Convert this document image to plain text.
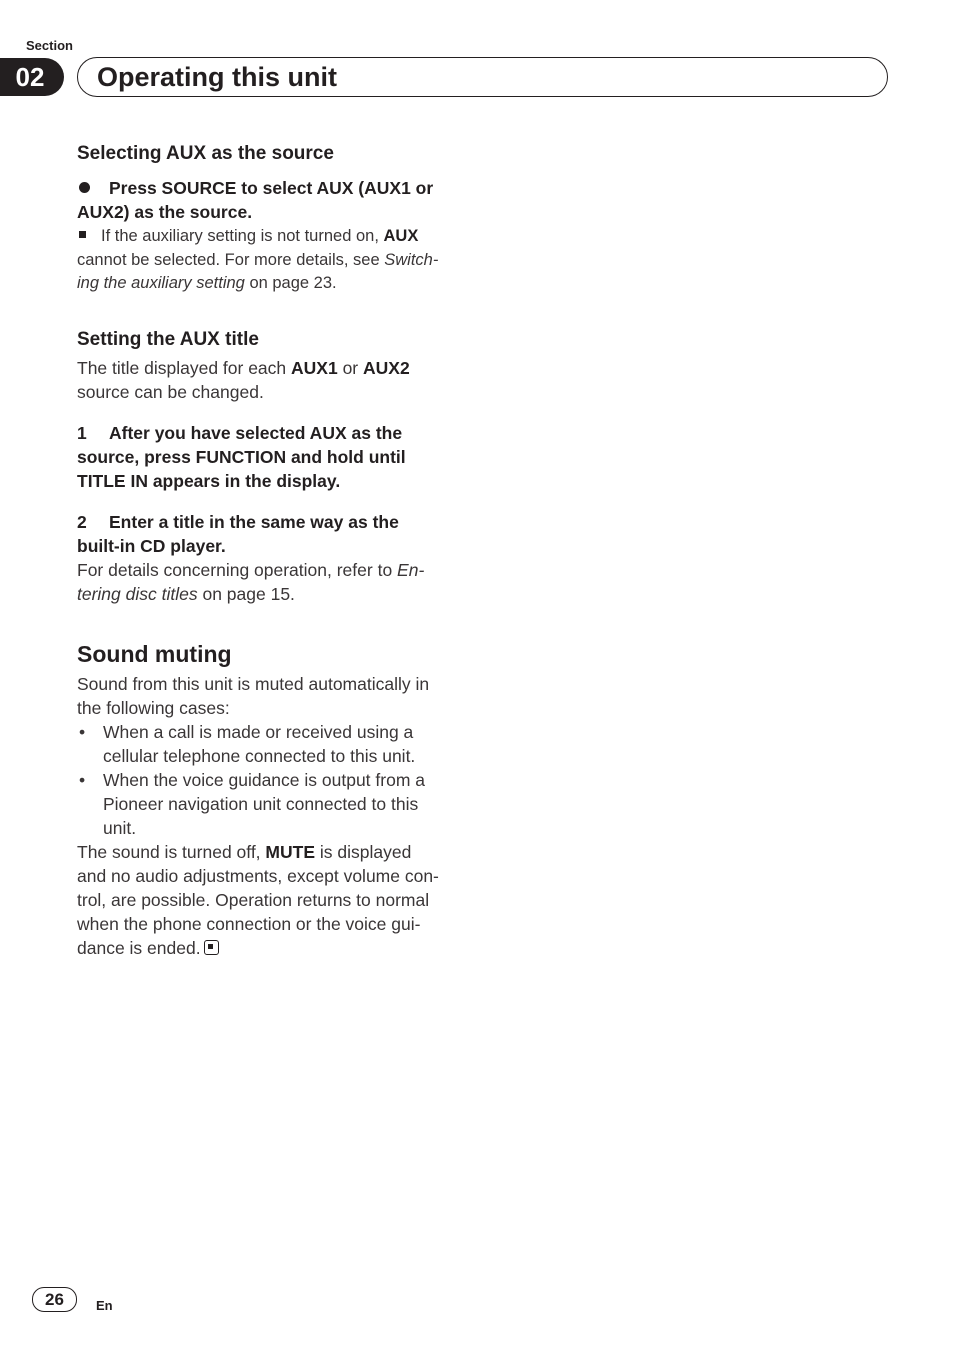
Section
02	Operating this unit
Selecting AUX as the source
Press SOURCE to select AUX (AUX1 or
AUX2) as the source.
If the auxiliary setting is not turned on, AUX
cannot be selected. For more details, see Switch-
ing the auxiliary setting on page 23.
Setting the AUX title
The title displayed for each AUX1 or AUX2
source can be changed.
1 After you have selected AUX as the
source, press FUNCTION and hold until
TITLE IN appears in the display.
2 Enter a title in the same way as the
built-in CD player.
For details concerning operation, refer to En-
tering disc titles on page 15.
Sound muting
Sound from this unit is muted automatically in
the following cases:
• When a call is made or received using a
cellular telephone connected to this unit.
• When the voice guidance is output from a
Pioneer navigation unit connected to this
unit.
The sound is turned off, MUTE is displayed
and no audio adjustments, except volume con-
trol, are possible. Operation returns to normal
when the phone connection or the voice gui-
dance is ended.
26	En
